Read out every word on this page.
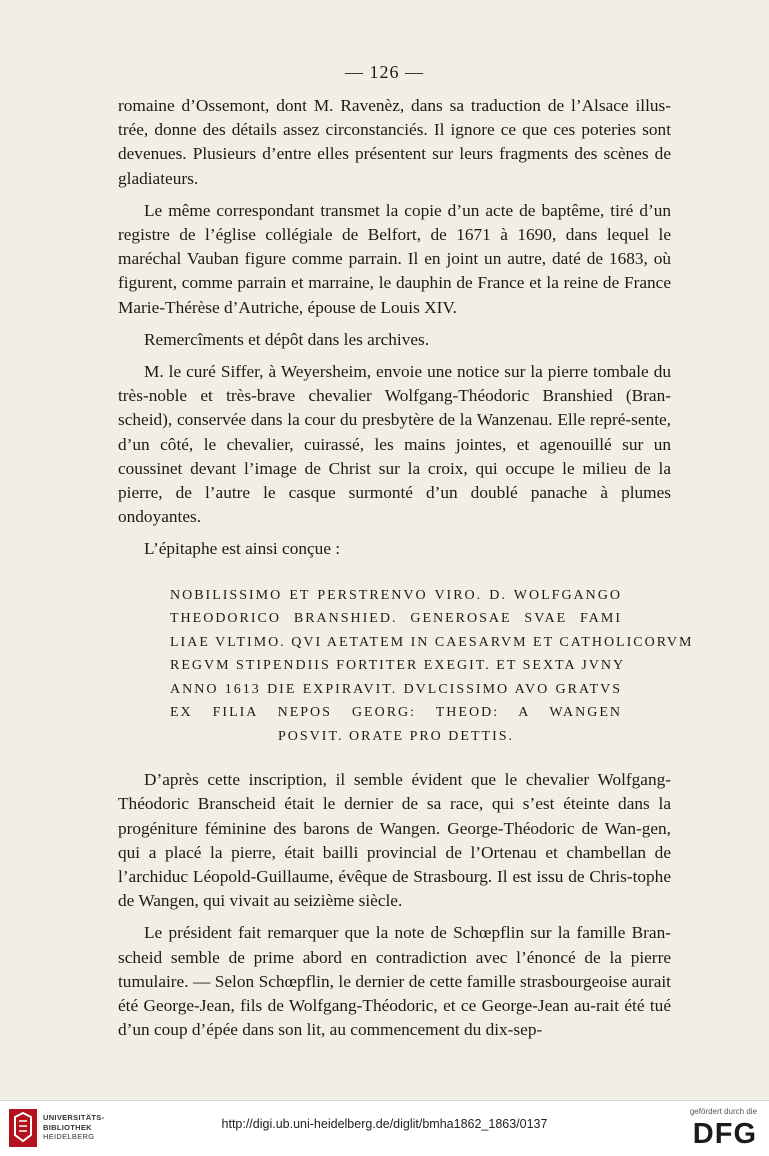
— 126 —

romaine d’Ossemont, dont M. Ravenèz, dans sa traduction de l’Alsace illus-trée, donne des détails assez circonstanciés. Il ignore ce que ces poteries sont devenues. Plusieurs d’entre elles présentent sur leurs fragments des scènes de gladiateurs.

Le même correspondant transmet la copie d’un acte de baptême, tiré d’un registre de l’église collégiale de Belfort, de 1671 à 1690, dans lequel le maréchal Vauban figure comme parrain. Il en joint un autre, daté de 1683, où figurent, comme parrain et marraine, le dauphin de France et la reine de France Marie-Thérèse d’Autriche, épouse de Louis XIV.

Remercîments et dépôt dans les archives.

M. le curé Siffer, à Weyersheim, envoie une notice sur la pierre tombale du très-noble et très-brave chevalier Wolfgang-Théodoric Branshied (Bran-scheid), conservée dans la cour du presbytère de la Wanzenau. Elle repré-sente, d’un côté, le chevalier, cuirassé, les mains jointes, et agenouillé sur un coussinet devant l’image de Christ sur la croix, qui occupe le milieu de la pierre, de l’autre le casque surmonté d’un doublé panache à plumes ondoyantes.

L’épitaphe est ainsi conçue :

NOBILISSIMO ET PERSTRENVO VIRO. D. WOLFGANGO
THEODORICO BRANSHIED. GENEROSAE SVAE FAMI
LIAE VLTIMO. QVI AETATEM IN CAESARVM ET CATHOLICORVM
REGVM STIPENDIIS FORTITER EXEGIT. ET SEXTA JVNY
ANNO 1613 DIE EXPIRAVIT. DVLCISSIMO AVO GRATVS
EX FILIA NEPOS GEORG: THEOD: A WANGEN
POSVIT. ORATE PRO DETTIS.

D’après cette inscription, il semble évident que le chevalier Wolfgang-Théodoric Branscheid était le dernier de sa race, qui s’est éteinte dans la progéniture féminine des barons de Wangen. George-Théodoric de Wan-gen, qui a placé la pierre, était bailli provincial de l’Ortenau et chambellan de l’archiduc Léopold-Guillaume, évêque de Strasbourg. Il est issu de Chris-tophe de Wangen, qui vivait au seizième siècle.

Le président fait remarquer que la note de Schœpflin sur la famille Bran-scheid semble de prime abord en contradiction avec l’énoncé de la pierre tumulaire. — Selon Schœpflin, le dernier de cette famille strasbourgeoise aurait été George-Jean, fils de Wolfgang-Théodoric, et ce George-Jean au-rait été tué d’un coup d’épée dans son lit, au commencement du dix-sep-

UNIVERSITÄTS-
BIBLIOTHEK
HEIDELBERG
http://digi.ub.uni-heidelberg.de/diglit/bmha1862_1863/0137
gefördert durch die
DFG
